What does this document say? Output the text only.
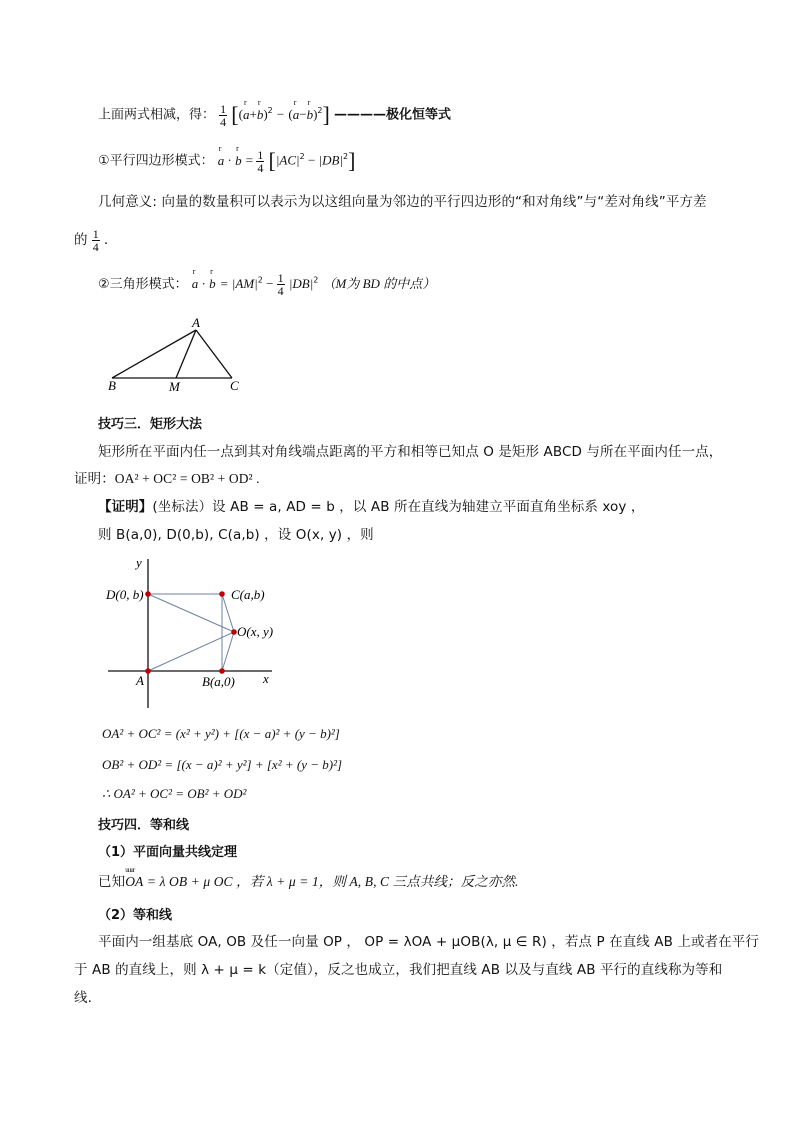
上面两式相减，得： $\frac{1}{4} [(r$ a+r b)$^2$ − (r a−r b)$^2$] ————极化恒等式
①平行四边形模式： r a · r $b = \frac{1}{4} [|AC|^2 - |DB|^2]$
几何意义: 向量的数量积可以表示为以这组向量为邻边的平行四边形的“和对角线”与“差对角线”平方差
的 $\frac{1}{4}$ .
②三角形模式： r a · r $b = |AM|^2 - \frac{1}{4} |DB|^2$ （M为 BD 的中点）
A
B	M	C
技巧三．矩形大法
矩形所在平面内任一点到其对角线端点距离的平方和相等已知点 O 是矩形 ABCD 与所在平面内任一点，
证明：OA² + OC² = OB² + OD² .
【证明】(坐标法）设 AB = a, AD = b ，以 AB 所在直线为轴建立平面直角坐标系 xoy ，
则 B(a,0), D(0,b), C(a,b) ，设 O(x, y) ，则
y
x
D(0, b)	C(a,b)
O(x, y)
A	B(a,0)
OA² + OC² = (x² + y²) + [(x − a)² + (y − b)²]
OB² + OD² = [(x − a)² + y²] + [x² + (y − b)²]
∴ OA² + OC² = OB² + OD²
技巧四．等和线
（1）平面向量共线定理
已知uuur OA = λ OB + μ OC ，若 λ + μ = 1，则 A, B, C 三点共线；反之亦然.
（2）等和线
平面内一组基底 OA, OB 及任一向量 OP ， OP = λOA + μOB(λ, μ ∈ R) ，若点 P 在直线 AB 上或者在平行
于 AB 的直线上，则 λ + μ = k（定值），反之也成立，我们把直线 AB 以及与直线 AB 平行的直线称为等和
线.
